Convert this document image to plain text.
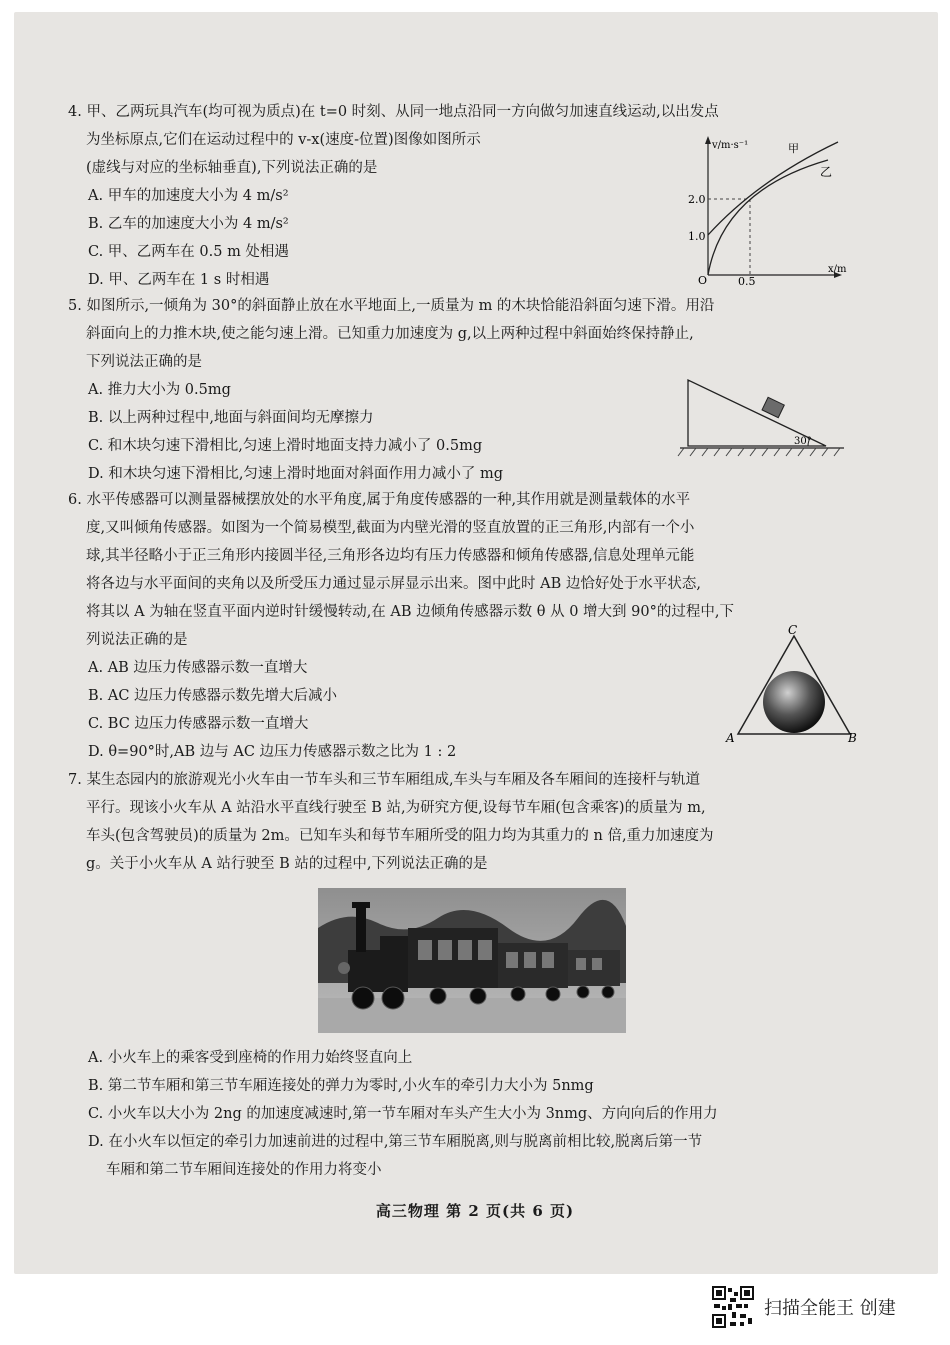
4. 甲、乙两玩具汽车(均可视为质点)在 t=0 时刻、从同一地点沿同一方向做匀加速直线运动,以出发点
为坐标原点,它们在运动过程中的 v-x(速度-位置)图像如图所示
(虚线与对应的坐标轴垂直),下列说法正确的是
A. 甲车的加速度大小为 4 m/s²
B. 乙车的加速度大小为 4 m/s²
C. 甲、乙两车在 0.5 m 处相遇
D. 甲、乙两车在 1 s 时相遇
v/m·s⁻¹
x/m
O
2.0
1.0
0.5
甲
乙
5. 如图所示,一倾角为 30°的斜面静止放在水平地面上,一质量为 m 的木块恰能沿斜面匀速下滑。用沿
斜面向上的力推木块,使之能匀速上滑。已知重力加速度为 g,以上两种过程中斜面始终保持静止,
下列说法正确的是
A. 推力大小为 0.5mg
B. 以上两种过程中,地面与斜面间均无摩擦力
C. 和木块匀速下滑相比,匀速上滑时地面支持力减小了 0.5mg
D. 和木块匀速下滑相比,匀速上滑时地面对斜面作用力减小了 mg
30°
6. 水平传感器可以测量器械摆放处的水平角度,属于角度传感器的一种,其作用就是测量载体的水平
度,又叫倾角传感器。如图为一个简易模型,截面为内壁光滑的竖直放置的正三角形,内部有一个小
球,其半径略小于正三角形内接圆半径,三角形各边均有压力传感器和倾角传感器,信息处理单元能
将各边与水平面间的夹角以及所受压力通过显示屏显示出来。图中此时 AB 边恰好处于水平状态,
将其以 A 为轴在竖直平面内逆时针缓慢转动,在 AB 边倾角传感器示数 θ 从 0 增大到 90°的过程中,下
列说法正确的是
A. AB 边压力传感器示数一直增大
B. AC 边压力传感器示数先增大后减小
C. BC 边压力传感器示数一直增大
D. θ=90°时,AB 边与 AC 边压力传感器示数之比为 1 : 2
C
A	B
7. 某生态园内的旅游观光小火车由一节车头和三节车厢组成,车头与车厢及各车厢间的连接杆与轨道
平行。现该小火车从 A 站沿水平直线行驶至 B 站,为研究方便,设每节车厢(包含乘客)的质量为 m,
车头(包含驾驶员)的质量为 2m。已知车头和每节车厢所受的阻力均为其重力的 n 倍,重力加速度为
g。关于小火车从 A 站行驶至 B 站的过程中,下列说法正确的是
A. 小火车上的乘客受到座椅的作用力始终竖直向上
B. 第二节车厢和第三节车厢连接处的弹力为零时,小火车的牵引力大小为 5nmg
C. 小火车以大小为 2ng 的加速度减速时,第一节车厢对车头产生大小为 3nmg、方向向后的作用力
D. 在小火车以恒定的牵引力加速前进的过程中,第三节车厢脱离,则与脱离前相比较,脱离后第一节
车厢和第二节车厢间连接处的作用力将变小
高三物理 第 2 页(共 6 页)
扫描全能王 创建
